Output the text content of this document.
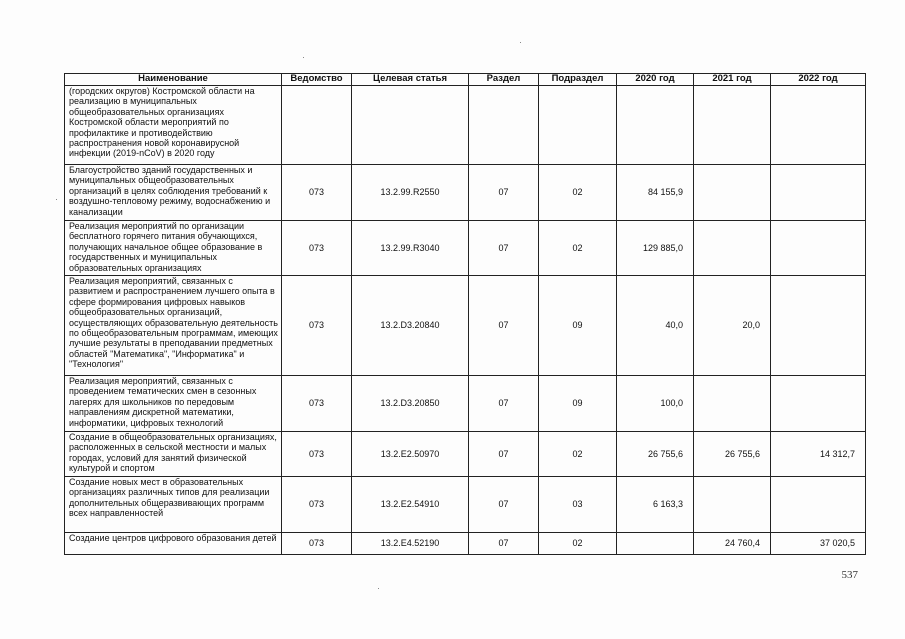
Наименование	Ведомство	Целевая статья	Раздел	Подраздел	2020 год	2021 год	2022 год
(городских округов) Костромской области на реализацию в муниципальных общеобразовательных организациях Костромской области мероприятий по профилактике и противодействию распространения новой коронавирусной инфекции (2019-nCoV) в 2020 году							
Благоустройство зданий государственных и муниципальных общеобразовательных организаций в целях соблюдения требований к воздушно-тепловому режиму, водоснабжению и канализации	073	13.2.99.R2550	07	02	84 155,9		
Реализация мероприятий по организации бесплатного горячего питания обучающихся, получающих начальное общее образование в государственных и муниципальных образовательных организациях	073	13.2.99.R3040	07	02	129 885,0		
Реализация мероприятий, связанных с развитием и распространением лучшего опыта в сфере формирования цифровых навыков общеобразовательных организаций, осуществляющих образовательную деятельность по общеобразовательным программам, имеющих лучшие результаты в преподавании предметных областей "Математика", "Информатика" и "Технология"	073	13.2.D3.20840	07	09	40,0	20,0	
Реализация мероприятий, связанных с проведением тематических смен в сезонных лагерях для школьников по передовым направлениям дискретной математики, информатики, цифровых технологий	073	13.2.D3.20850	07	09	100,0		
Создание в общеобразовательных организациях, расположенных в сельской местности и малых городах, условий для занятий физической культурой и спортом	073	13.2.E2.50970	07	02	26 755,6	26 755,6	14 312,7
Создание новых мест в образовательных организациях различных типов для реализации дополнительных общеразвивающих программ всех направленностей	073	13.2.E2.54910	07	03	6 163,3		
Создание центров цифрового образования детей	073	13.2.E4.52190	07	02		24 760,4	37 020,5
537
